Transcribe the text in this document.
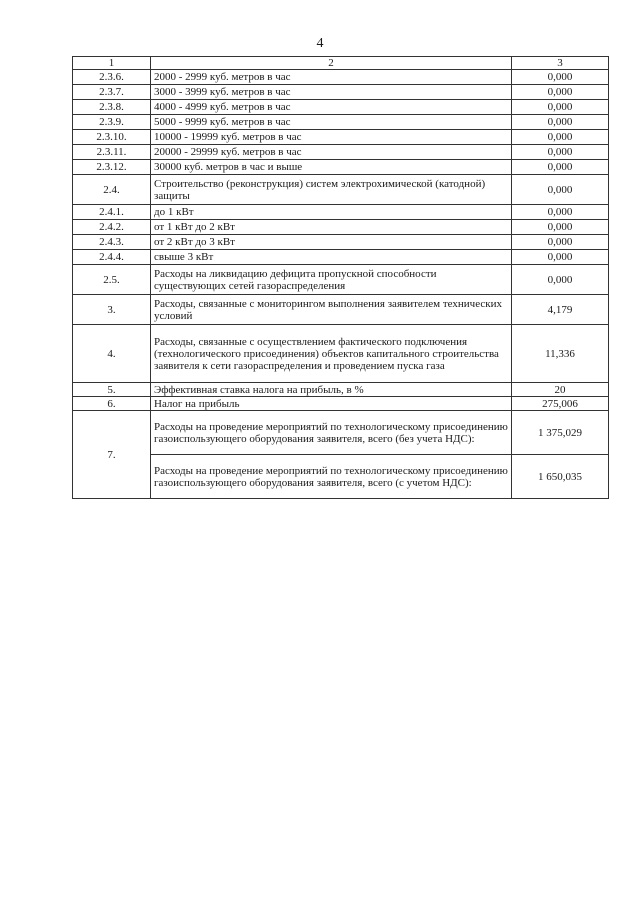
4
1	2	3
2.3.6.	2000 - 2999 куб. метров в час	0,000
2.3.7.	3000 - 3999 куб. метров в час	0,000
2.3.8.	4000 - 4999 куб. метров в час	0,000
2.3.9.	5000 - 9999 куб. метров в час	0,000
2.3.10.	10000 - 19999 куб. метров в час	0,000
2.3.11.	20000 - 29999 куб. метров в час	0,000
2.3.12.	30000 куб. метров в час и выше	0,000
2.4.	Строительство (реконструкция) систем электрохимической (катодной) защиты	0,000
2.4.1.	до 1 кВт	0,000
2.4.2.	от 1 кВт до 2 кВт	0,000
2.4.3.	от 2 кВт до 3 кВт	0,000
2.4.4.	свыше 3 кВт	0,000
2.5.	Расходы на ликвидацию дефицита пропускной способности существующих сетей газораспределения	0,000
3.	Расходы, связанные с мониторингом выполнения заявителем технических условий	4,179
4.	Расходы, связанные с осуществлением фактического подключения (технологического присоединения) объектов капитального строительства заявителя к сети газораспределения и проведением пуска газа	11,336
5.	Эффективная ставка налога на прибыль, в %	20
6.	Налог на прибыль	275,006
7.	Расходы на проведение мероприятий по технологическому присоединению газоиспользующего оборудования заявителя, всего (без учета НДС):	1 375,029
	Расходы на проведение мероприятий по технологическому присоединению газоиспользующего оборудования заявителя, всего (с учетом НДС):	1 650,035
